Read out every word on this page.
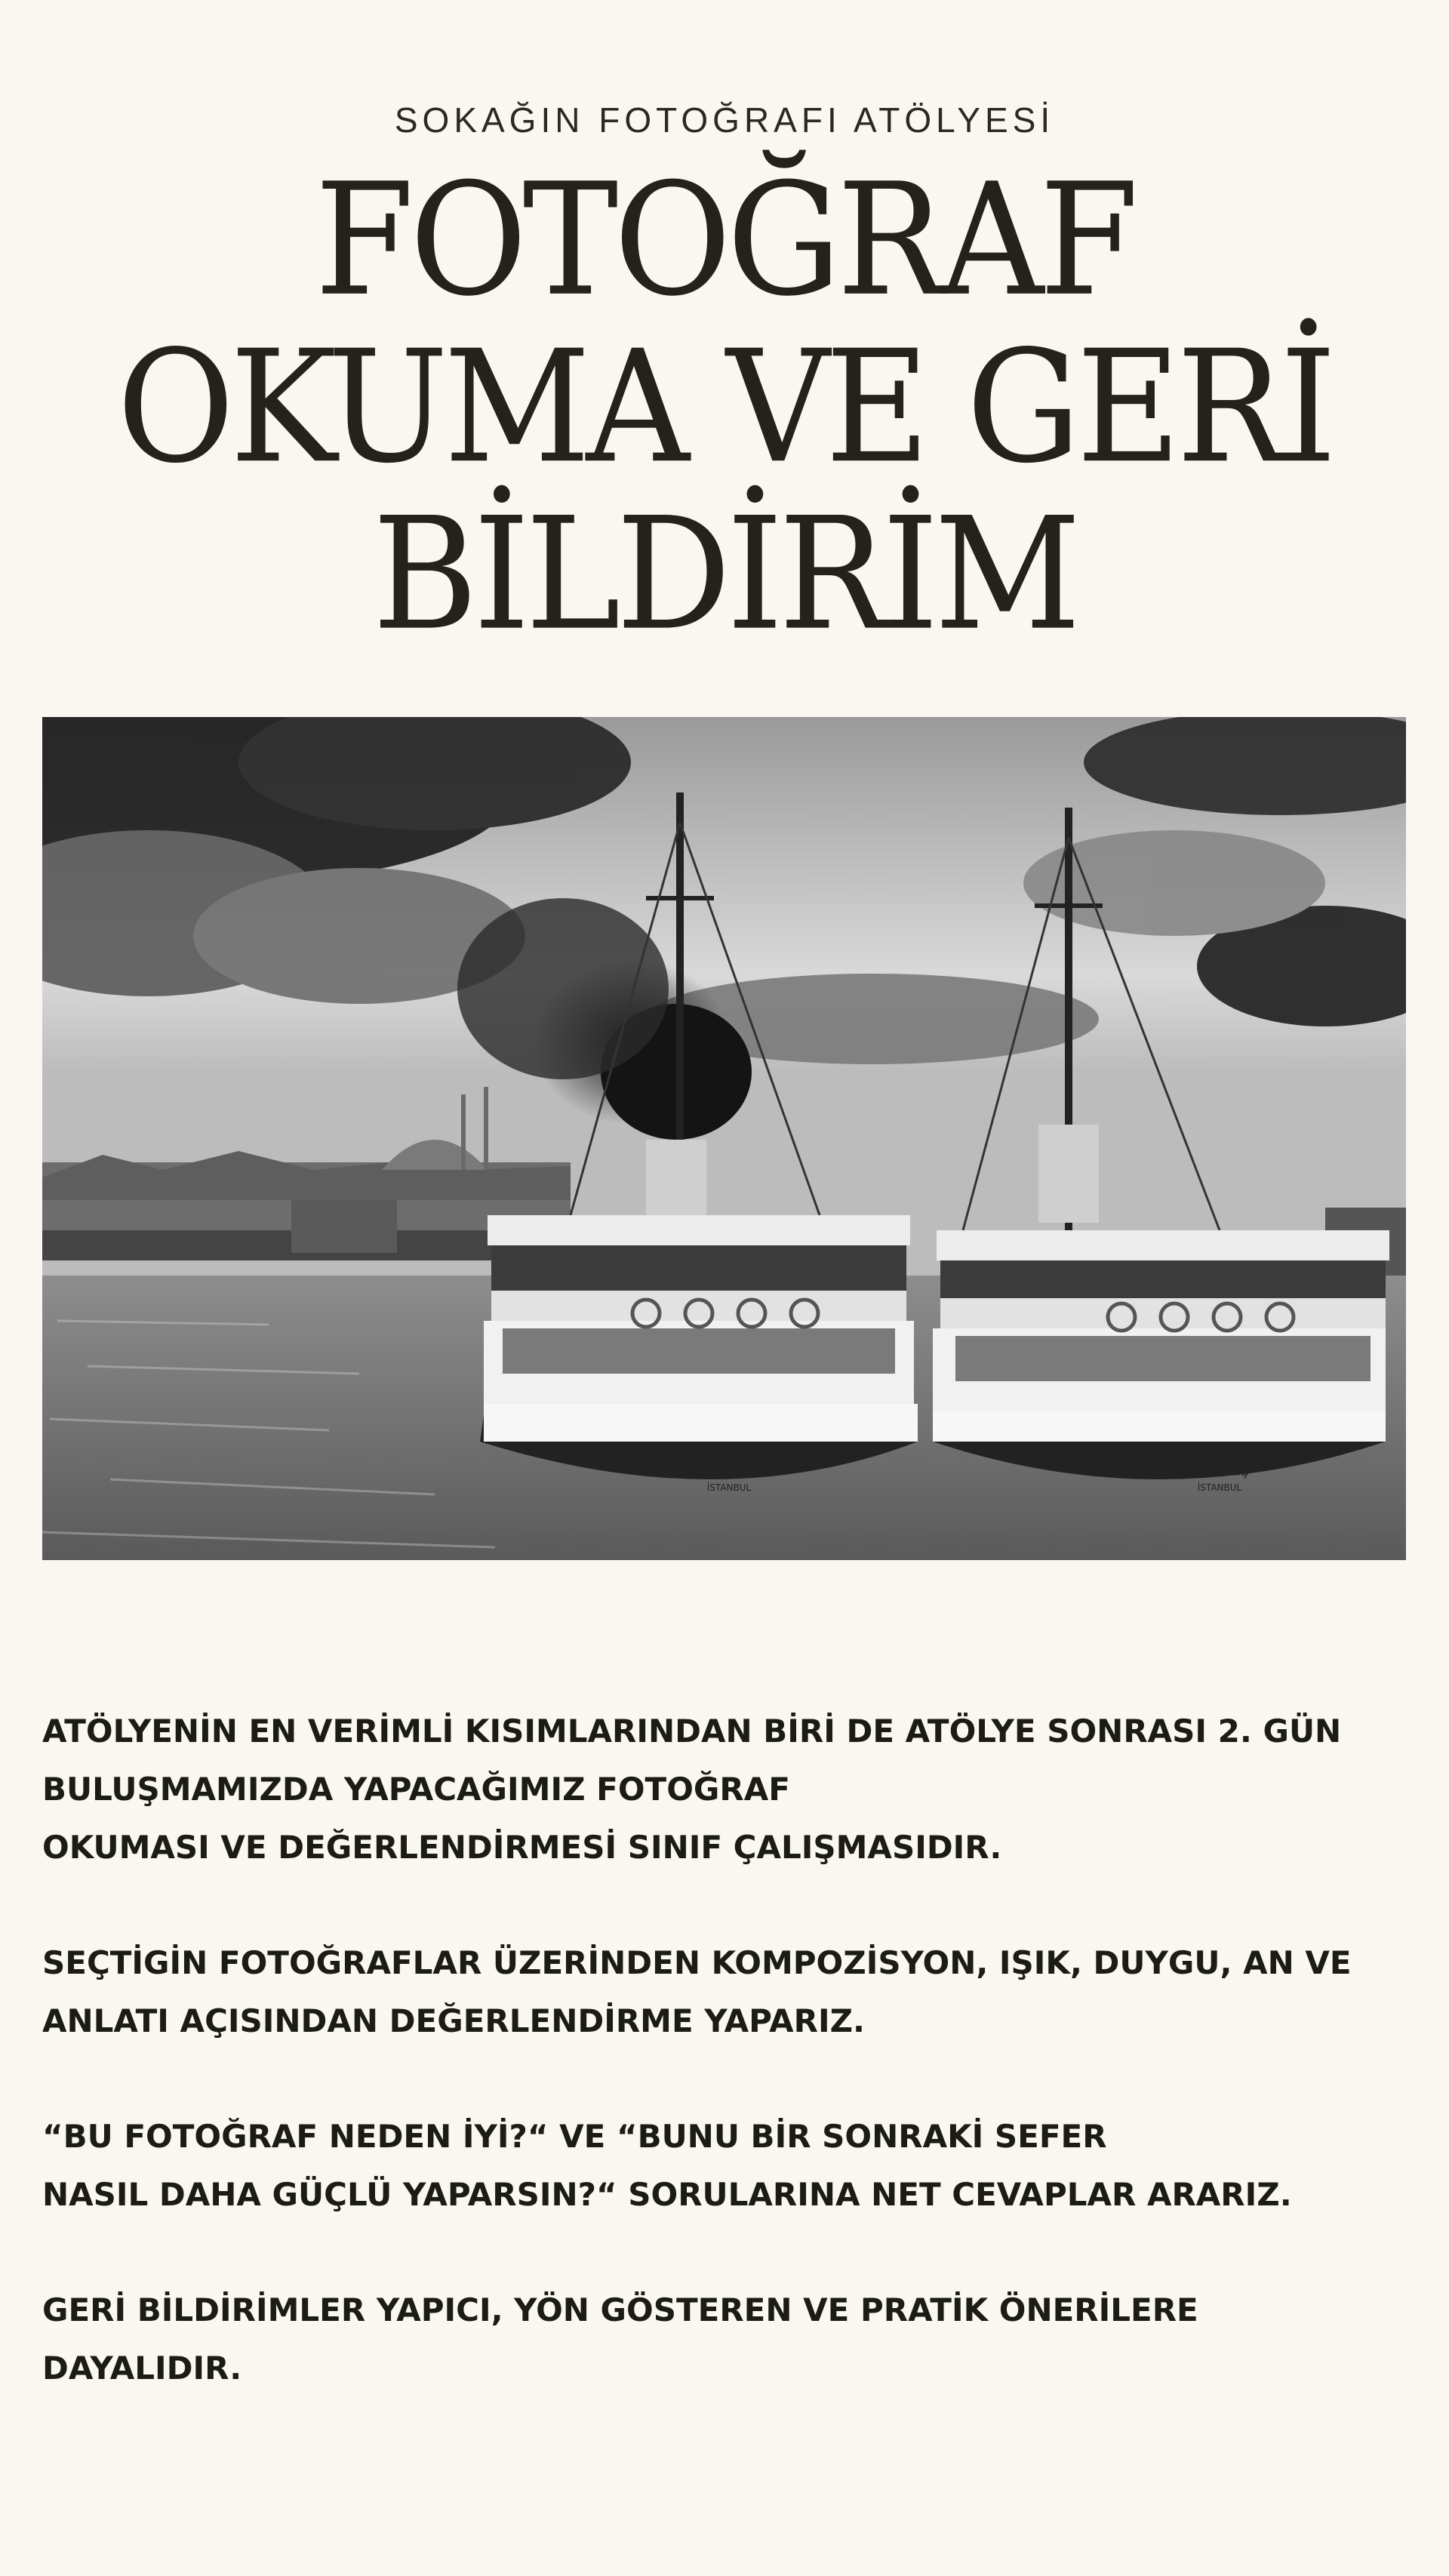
SOKAĞIN FOTOĞRAFI ATÖLYESİ
FOTOĞRAF
OKUMA VE GERİ
BİLDİRİM
N.ALPTOĞAN
İSTANBUL
KALAMIŞ
İSTANBUL

ATÖLYENİN EN VERİMLİ KISIMLARINDAN BİRİ DE ATÖLYE SONRASI 2. GÜN
BULUŞMAMIZDA YAPACAĞIMIZ FOTOĞRAF
OKUMASI VE DEĞERLENDİRMESİ SINIF ÇALIŞMASIDIR.

SEÇTİGİN FOTOĞRAFLAR ÜZERİNDEN KOMPOZİSYON, IŞIK, DUYGU, AN VE
ANLATI AÇISINDAN DEĞERLENDİRME YAPARIZ.

“BU FOTOĞRAF NEDEN İYİ?“ VE “BUNU BİR SONRAKİ SEFER
NASIL DAHA GÜÇLÜ YAPARSIN?“ SORULARINA NET CEVAPLAR ARARIZ.

GERİ BİLDİRİMLER YAPICI, YÖN GÖSTEREN VE PRATİK ÖNERİLERE DAYALIDIR.
